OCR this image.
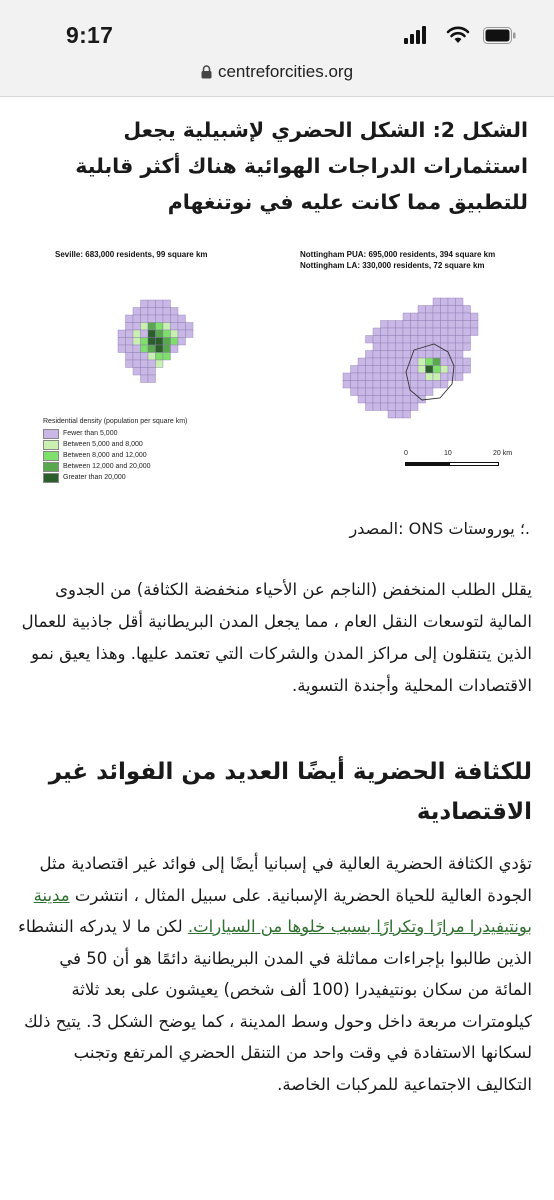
9:17
centreforcities.org
الشكل 2: الشكل الحضري لإشبيلية يجعل استثمارات الدراجات الهوائية هناك أكثر قابلية للتطبيق مما كانت عليه في نوتنغهام
Seville: 683,000 residents, 99 square km	Nottingham PUA: 695,000 residents, 394 square km
Nottingham LA: 330,000 residents, 72 square km
Residential density (population per square km)
Fewer than 5,000
Between 5,000 and 8,000
Between 8,000 and 12,000
Between 12,000 and 20,000
Greater than 20,000
0	10	20 km
.؛ يوروستات ONS :المصدر
يقلل الطلب المنخفض (الناجم عن الأحياء منخفضة الكثافة) من الجدوى المالية لتوسعات النقل العام ، مما يجعل المدن البريطانية أقل جاذبية للعمال الذين يتنقلون إلى مراكز المدن والشركات التي تعتمد عليها. وهذا يعيق نمو الاقتصادات المحلية وأجندة التسوية.
للكثافة الحضرية أيضًا العديد من الفوائد غير الاقتصادية
تؤدي الكثافة الحضرية العالية في إسبانيا أيضًا إلى فوائد غير اقتصادية مثل الجودة العالية للحياة الحضرية الإسبانية. على سبيل المثال ، انتشرت مدينة بونتيفيدرا مرارًا وتكرارًا بسبب خلوها من السيارات. لكن ما لا يدركه النشطاء الذين طالبوا بإجراءات مماثلة في المدن البريطانية دائمًا هو أن 50 في المائة من سكان بونتيفيدرا (100 ألف شخص) يعيشون على بعد ثلاثة كيلومترات مربعة داخل وحول وسط المدينة ، كما يوضح الشكل 3. يتيح ذلك لسكانها الاستفادة في وقت واحد من التنقل الحضري المرتفع وتجنب التكاليف الاجتماعية للمركبات الخاصة.
